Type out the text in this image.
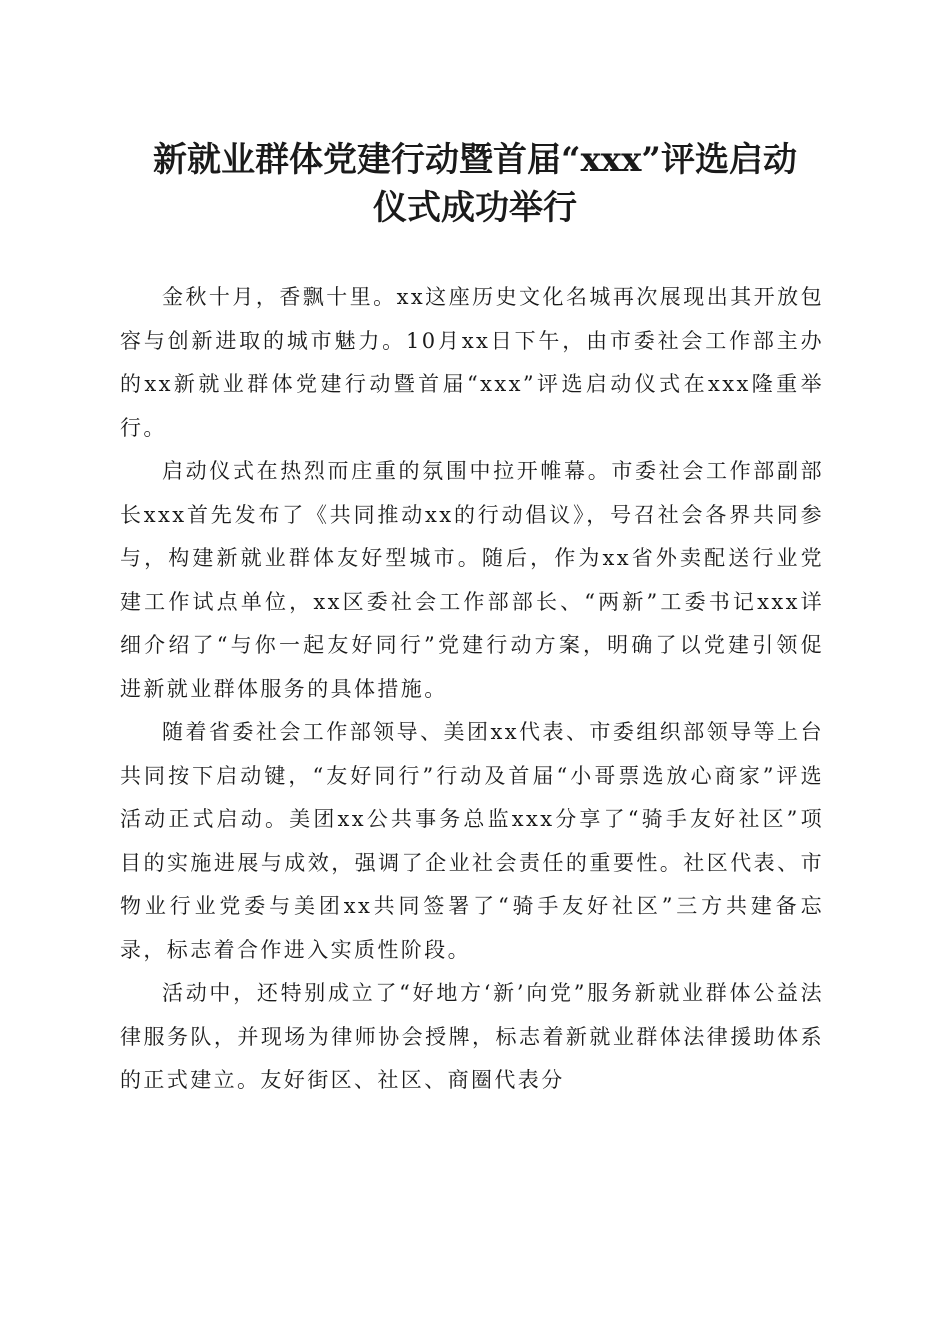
新就业群体党建行动暨首届“xxx”评选启动
仪式成功举行

金秋十月，香飘十里。xx这座历史文化名城再次展现出其开放包容与创新进取的城市魅力。10月xx日下午，由市委社会工作部主办的xx新就业群体党建行动暨首届“xxx”评选启动仪式在xxx隆重举行。

启动仪式在热烈而庄重的氛围中拉开帷幕。市委社会工作部副部长xxx首先发布了《共同推动xx的行动倡议》，号召社会各界共同参与，构建新就业群体友好型城市。随后，作为xx省外卖配送行业党建工作试点单位，xx区委社会工作部部长、“两新”工委书记xxx详细介绍了“与你一起友好同行”党建行动方案，明确了以党建引领促进新就业群体服务的具体措施。

随着省委社会工作部领导、美团xx代表、市委组织部领导等上台共同按下启动键，“友好同行”行动及首届“小哥票选放心商家”评选活动正式启动。美团xx公共事务总监xxx分享了“骑手友好社区”项目的实施进展与成效，强调了企业社会责任的重要性。社区代表、市物业行业党委与美团xx共同签署了“骑手友好社区”三方共建备忘录，标志着合作进入实质性阶段。

活动中，还特别成立了“好地方‘新’向党”服务新就业群体公益法律服务队，并现场为律师协会授牌，标志着新就业群体法律援助体系的正式建立。友好街区、社区、商圈代表分
